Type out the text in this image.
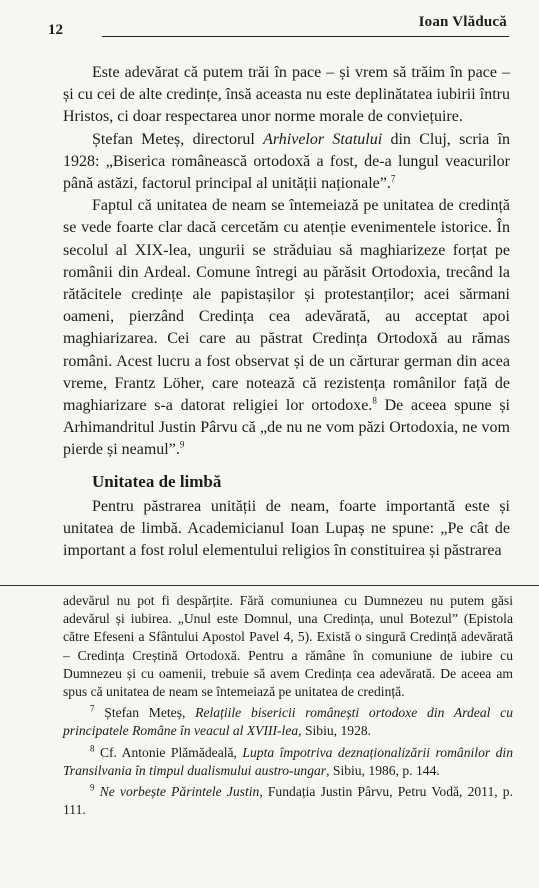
12	Ioan Vlăducă

Este adevărat că putem trăi în pace – și vrem să trăim în pace – și cu cei de alte credințe, însă aceasta nu este deplinătatea iubirii întru Hristos, ci doar respectarea unor norme morale de conviețuire.

Ștefan Meteș, directorul Arhivelor Statului din Cluj, scria în 1928: „Biserica românească ortodoxă a fost, de-a lungul veacurilor până astăzi, factorul principal al unității naționale”.$^7$

Faptul că unitatea de neam se întemeiază pe unitatea de credință se vede foarte clar dacă cercetăm cu atenție evenimentele istorice. În secolul al XIX-lea, ungurii se străduiau să maghiarizeze forțat pe românii din Ardeal. Comune întregi au părăsit Ortodoxia, trecând la rătăcitele credințe ale papistașilor și protestanților; acei sărmani oameni, pierzând Credința cea adevărată, au acceptat apoi maghiarizarea. Cei care au păstrat Credința Ortodoxă au rămas români. Acest lucru a fost observat și de un cărturar german din acea vreme, Frantz Löher, care notează că rezistența românilor față de maghiarizare s-a datorat religiei lor ortodoxe.$^8$ De aceea spune și Arhimandritul Justin Pârvu că „de nu ne vom păzi Ortodoxia, ne vom pierde și neamul”.$^9$

Unitatea de limbă

Pentru păstrarea unității de neam, foarte importantă este și unitatea de limbă. Academicianul Ioan Lupaș ne spune: „Pe cât de important a fost rolul elementului religios în constituirea și păstrarea

adevărul nu pot fi despărțite. Fără comuniunea cu Dumnezeu nu putem găsi adevărul și iubirea. „Unul este Domnul, una Credința, unul Botezul” (Epistola către Efeseni a Sfântului Apostol Pavel 4, 5). Există o singură Credință adevărată – Credința Creștină Ortodoxă. Pentru a rămâne în comuniune de iubire cu Dumnezeu și cu oamenii, trebuie să avem Credința cea adevărată. De aceea am spus că unitatea de neam se întemeiază pe unitatea de credință.

$^7$ Ștefan Meteș, Relațiile bisericii românești ortodoxe din Ardeal cu principatele Române în veacul al XVIII-lea, Sibiu, 1928.

$^8$ Cf. Antonie Plămădeală, Lupta împotriva deznaționalizării românilor din Transilvania în timpul dualismului austro-ungar, Sibiu, 1986, p. 144.

$^9$ Ne vorbește Părintele Justin, Fundația Justin Pârvu, Petru Vodă, 2011, p. 111.
